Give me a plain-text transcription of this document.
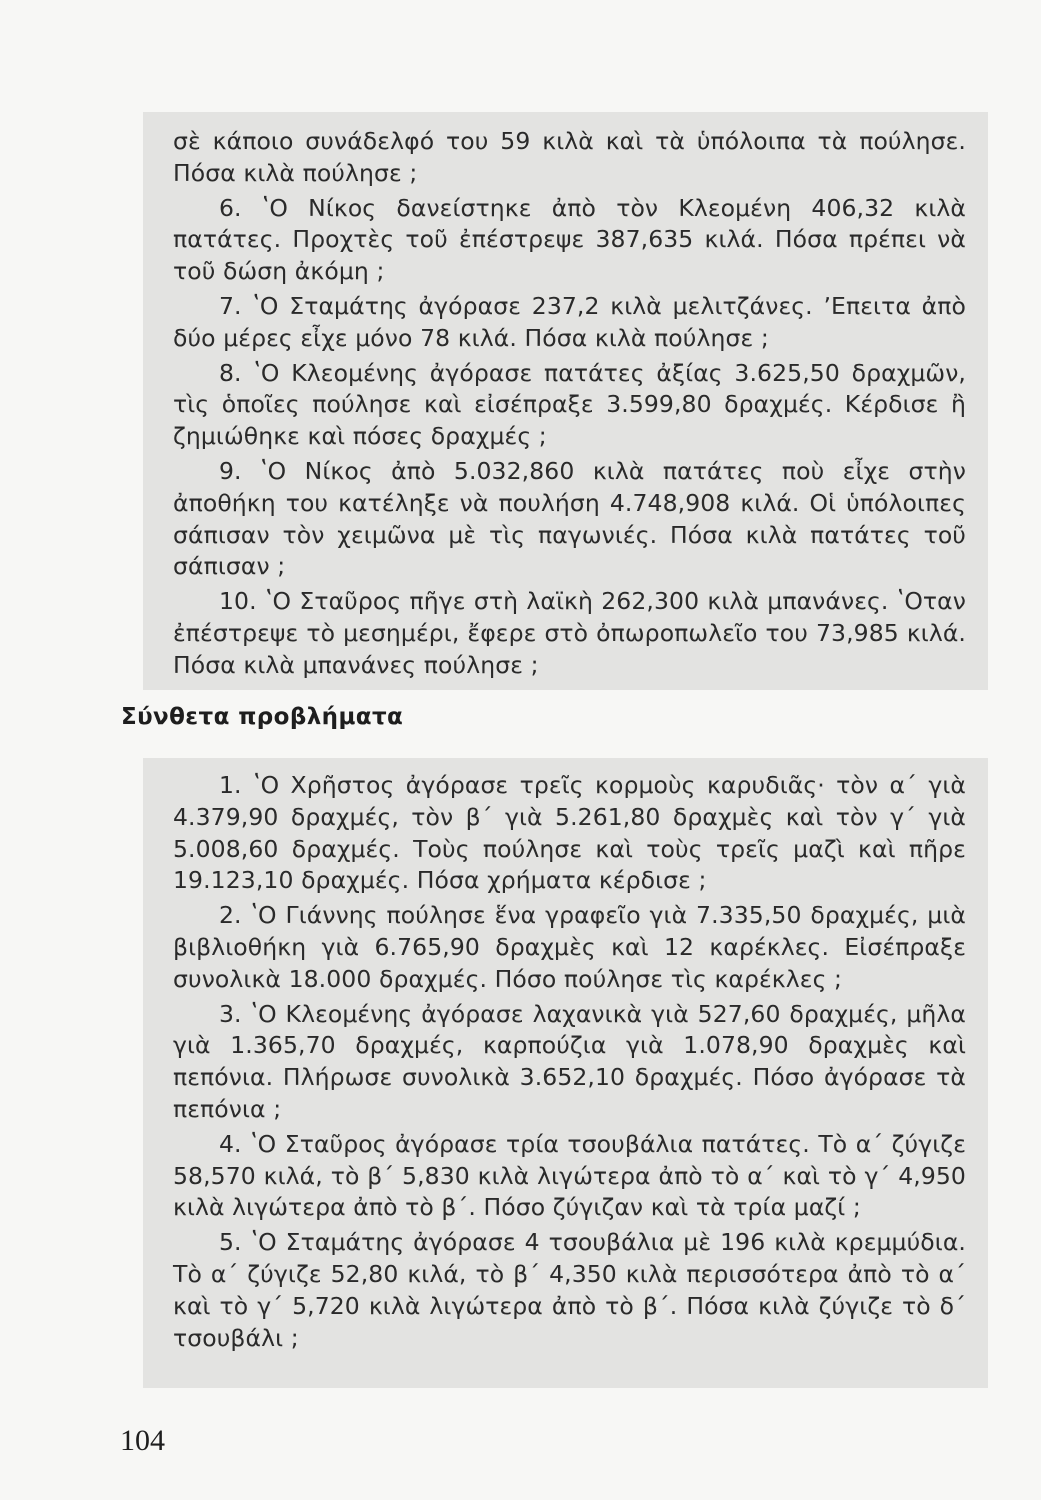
σὲ κάποιο συνάδελφό του 59 κιλὰ καὶ τὰ ὑπόλοιπα τὰ πούλησε. Πόσα κιλὰ πούλησε ;

6. ʽΟ Νίκος δανείστηκε ἀπὸ τὸν Κλεομένη 406,32 κιλὰ πατάτες. Προχτὲς τοῦ ἐπέστρεψε 387,635 κιλά. Πόσα πρέπει νὰ τοῦ δώση ἀκόμη ;

7. ʽΟ Σταμάτης ἀγόρασε 237,2 κιλὰ μελιτζάνες. ʼΕπειτα ἀπὸ δύο μέρες εἶχε μόνο 78 κιλά. Πόσα κιλὰ πούλησε ;

8. ʽΟ Κλεομένης ἀγόρασε πατάτες ἀξίας 3.625,50 δραχμῶν, τὶς ὁποῖες πούλησε καὶ εἰσέπραξε 3.599,80 δραχμές. Κέρδισε ἢ ζημιώθηκε καὶ πόσες δραχμές ;

9. ʽΟ Νίκος ἀπὸ 5.032,860 κιλὰ πατάτες ποὺ εἶχε στὴν ἀποθήκη του κατέληξε νὰ πουλήση 4.748,908 κιλά. Οἱ ὑπόλοιπες σάπισαν τὸν χειμῶνα μὲ τὶς παγωνιές. Πόσα κιλὰ πατάτες τοῦ σάπισαν ;

10. ʽΟ Σταῦρος πῆγε στὴ λαϊκὴ 262,300 κιλὰ μπανάνες. ʽΟταν ἐπέστρεψε τὸ μεσημέρι, ἔφερε στὸ ὀπωροπωλεῖο του 73,985 κιλά. Πόσα κιλὰ μπανάνες πούλησε ;

Σύνθετα προβλήματα

1. ʽΟ Χρῆστος ἀγόρασε τρεῖς κορμοὺς καρυδιᾶς· τὸν α΄ γιὰ 4.379,90 δραχμές, τὸν β΄ γιὰ 5.261,80 δραχμὲς καὶ τὸν γ΄ γιὰ 5.008,60 δραχμές. Τοὺς πούλησε καὶ τοὺς τρεῖς μαζὶ καὶ πῆρε 19.123,10 δραχμές. Πόσα χρήματα κέρδισε ;

2. ʽΟ Γιάννης πούλησε ἕνα γραφεῖο γιὰ 7.335,50 δραχμές, μιὰ βιβλιοθήκη γιὰ 6.765,90 δραχμὲς καὶ 12 καρέκλες. Εἰσέπραξε συνολικὰ 18.000 δραχμές. Πόσο πούλησε τὶς καρέκλες ;

3. ʽΟ Κλεομένης ἀγόρασε λαχανικὰ γιὰ 527,60 δραχμές, μῆλα γιὰ 1.365,70 δραχμές, καρπούζια γιὰ 1.078,90 δραχμὲς καὶ πεπόνια. Πλήρωσε συνολικὰ 3.652,10 δραχμές. Πόσο ἀγόρασε τὰ πεπόνια ;

4. ʽΟ Σταῦρος ἀγόρασε τρία τσουβάλια πατάτες. Τὸ α΄ ζύγιζε 58,570 κιλά, τὸ β΄ 5,830 κιλὰ λιγώτερα ἀπὸ τὸ α΄ καὶ τὸ γ΄ 4,950 κιλὰ λιγώτερα ἀπὸ τὸ β΄. Πόσο ζύγιζαν καὶ τὰ τρία μαζί ;

5. ʽΟ Σταμάτης ἀγόρασε 4 τσουβάλια μὲ 196 κιλὰ κρεμμύδια. Τὸ α΄ ζύγιζε 52,80 κιλά, τὸ β΄ 4,350 κιλὰ περισσότερα ἀπὸ τὸ α΄ καὶ τὸ γ΄ 5,720 κιλὰ λιγώτερα ἀπὸ τὸ β΄. Πόσα κιλὰ ζύγιζε τὸ δ΄ τσουβάλι ;

104
